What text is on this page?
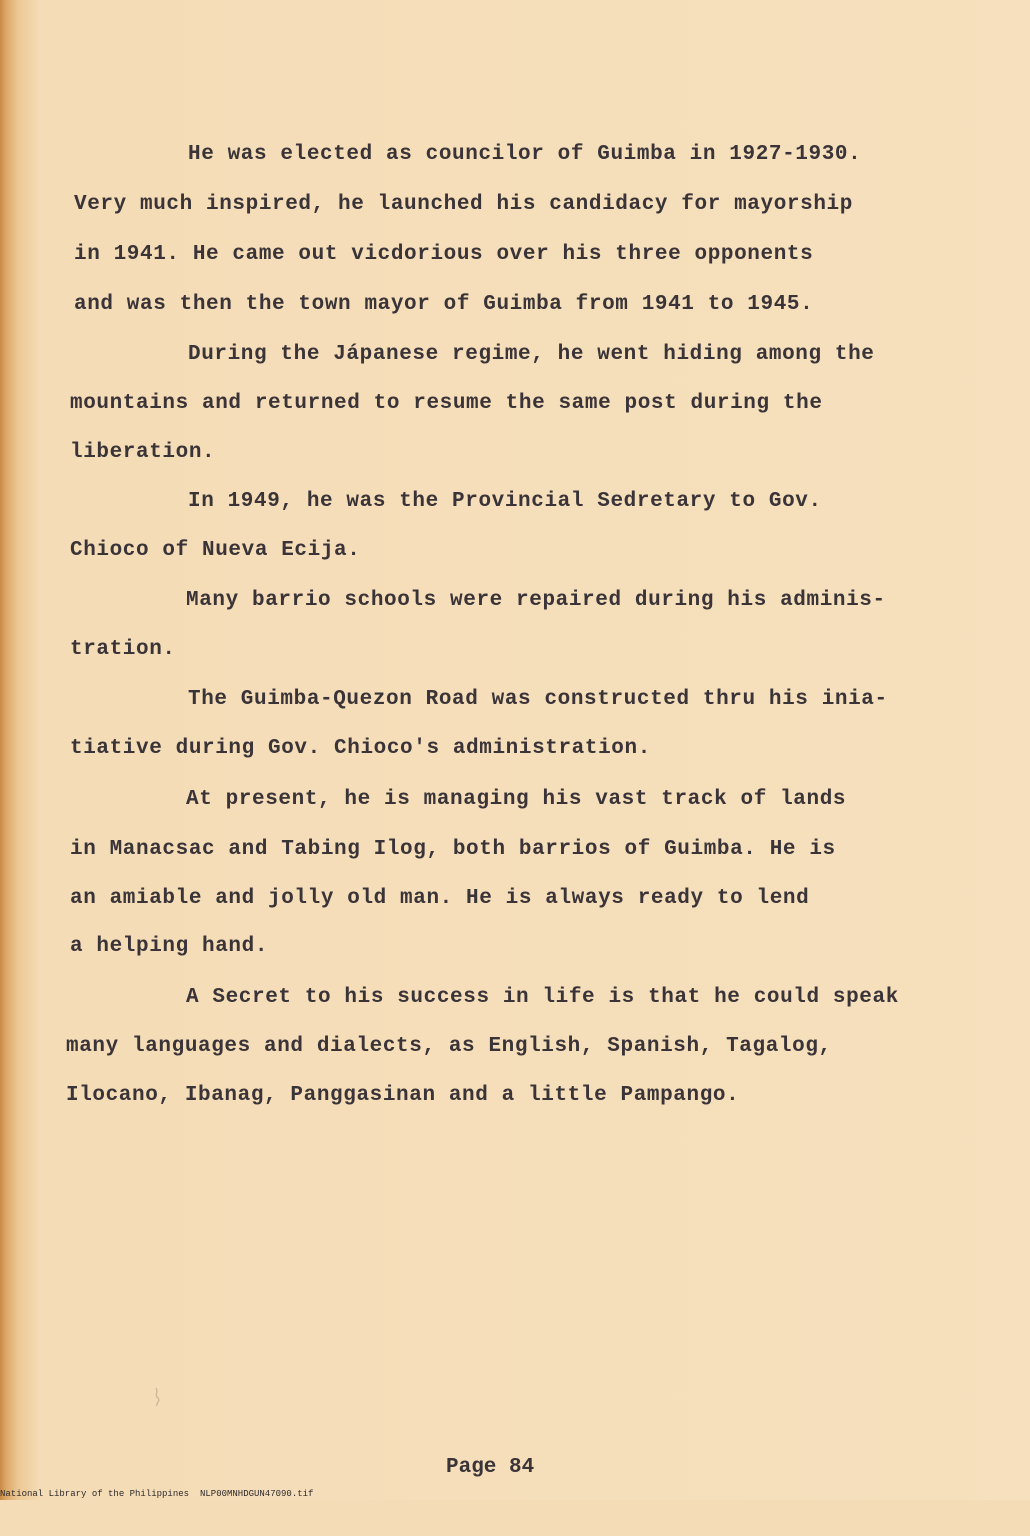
He was elected as councilor of Guimba in 1927-1930.
Very much inspired, he launched his candidacy for mayorship
in 1941. He came out vicdorious over his three opponents
and was then the town mayor of Guimba from 1941 to 1945.
During the Jápanese regime, he went hiding among the
mountains and returned to resume the same post during the
liberation.
In 1949, he was the Provincial Sedretary to Gov.
Chioco of Nueva Ecija.
Many barrio schools were repaired during his adminis-
tration.
The Guimba-Quezon Road was constructed thru his inia-
tiative during Gov. Chioco's administration.
At present, he is managing his vast track of lands
in Manacsac and Tabing Ilog, both barrios of Guimba. He is
an amiable and jolly old man. He is always ready to lend
a helping hand.
A Secret to his success in life is that he could speak
many languages and dialects, as English, Spanish, Tagalog,
Ilocano, Ibanag, Panggasinan and a little Pampango.
Page 84

National Library of the Philippines

NLP00MNHDGUN47090.tif
